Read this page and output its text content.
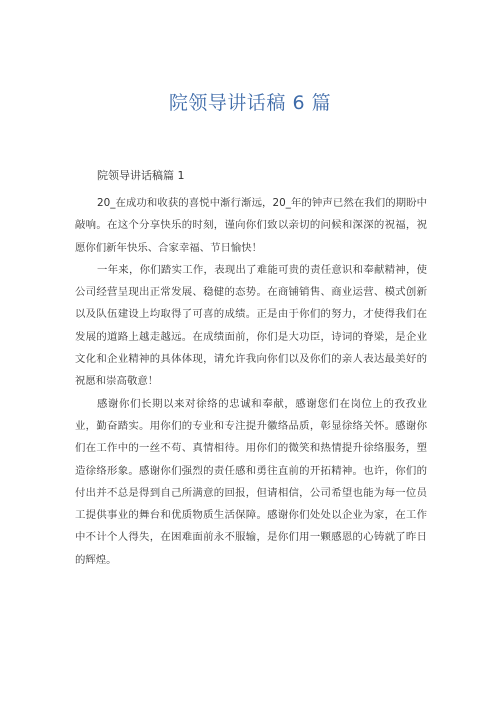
院领导讲话稿 6 篇

院领导讲话稿篇 1

20_在成功和收获的喜悦中渐行渐远，20_年的钟声已然在我们的期盼中敲响。在这个分享快乐的时刻，谨向你们致以亲切的问候和深深的祝福，祝愿你们新年快乐、合家幸福、节日愉快！

一年来，你们踏实工作，表现出了难能可贵的责任意识和奉献精神，使公司经营呈现出正常发展、稳健的态势。在商铺销售、商业运营、模式创新以及队伍建设上均取得了可喜的成绩。正是由于你们的努力，才使得我们在发展的道路上越走越远。在成绩面前，你们是大功臣，诗词的脊梁，是企业文化和企业精神的具体体现，请允许我向你们以及你们的亲人表达最美好的祝愿和崇高敬意！

感谢你们长期以来对徐络的忠诚和奉献，感谢您们在岗位上的孜孜业业，勤奋踏实。用你们的专业和专注提升徽络品质，彰显徐络关怀。感谢你们在工作中的一丝不苟、真情相待。用你们的微笑和热情提升徐络服务，塑造徐络形象。感谢你们强烈的责任感和勇往直前的开拓精神。也许，你们的付出并不总是得到自己所满意的回报，但请相信，公司希望也能为每一位员工提供事业的舞台和优质物质生活保障。感谢你们处处以企业为家，在工作中不计个人得失，在困难面前永不服输，是你们用一颗感恩的心铸就了昨日的辉煌。
